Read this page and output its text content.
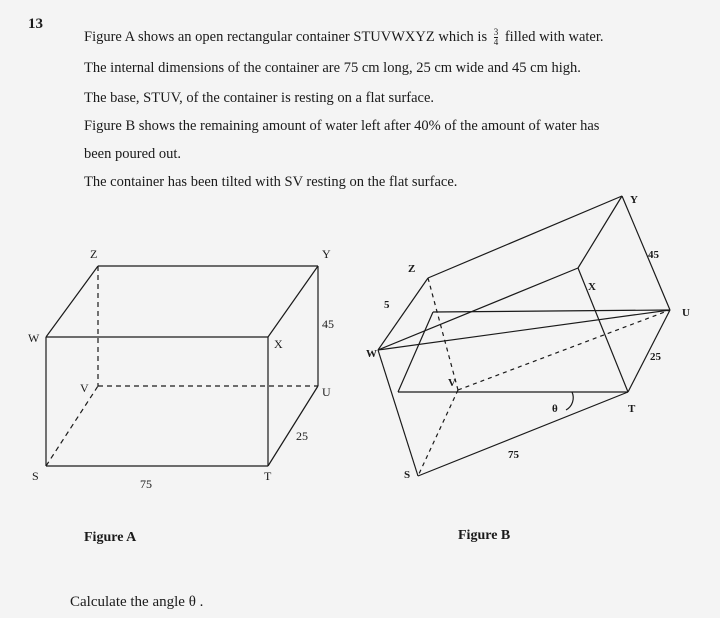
13
Figure A shows an open rectangular container STUVWXYZ which is $\frac{3}{4}$ filled with water.
The internal dimensions of the container are 75 cm long, 25 cm wide and 45 cm high.
The base, STUV, of the container is resting on a flat surface.
Figure B shows the remaining amount of water left after 40% of the amount of water has
been poured out.
The container has been tilted with SV resting on the flat surface.
Z	Y
W	X
V	U
S	T
45
25
75
Y
Z
X
U
W
V
T
S
θ
45
5
25
75
Figure A	Figure B
Calculate the angle θ .
